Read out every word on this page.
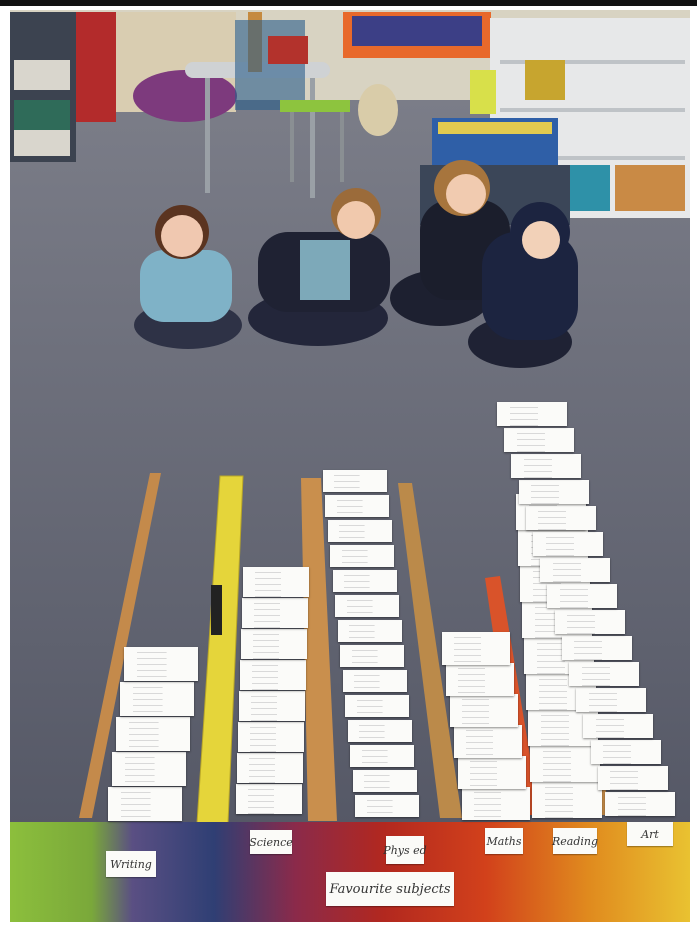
Writing
Science
Phys ed
Maths	Reading
Art
Favourite subjects
